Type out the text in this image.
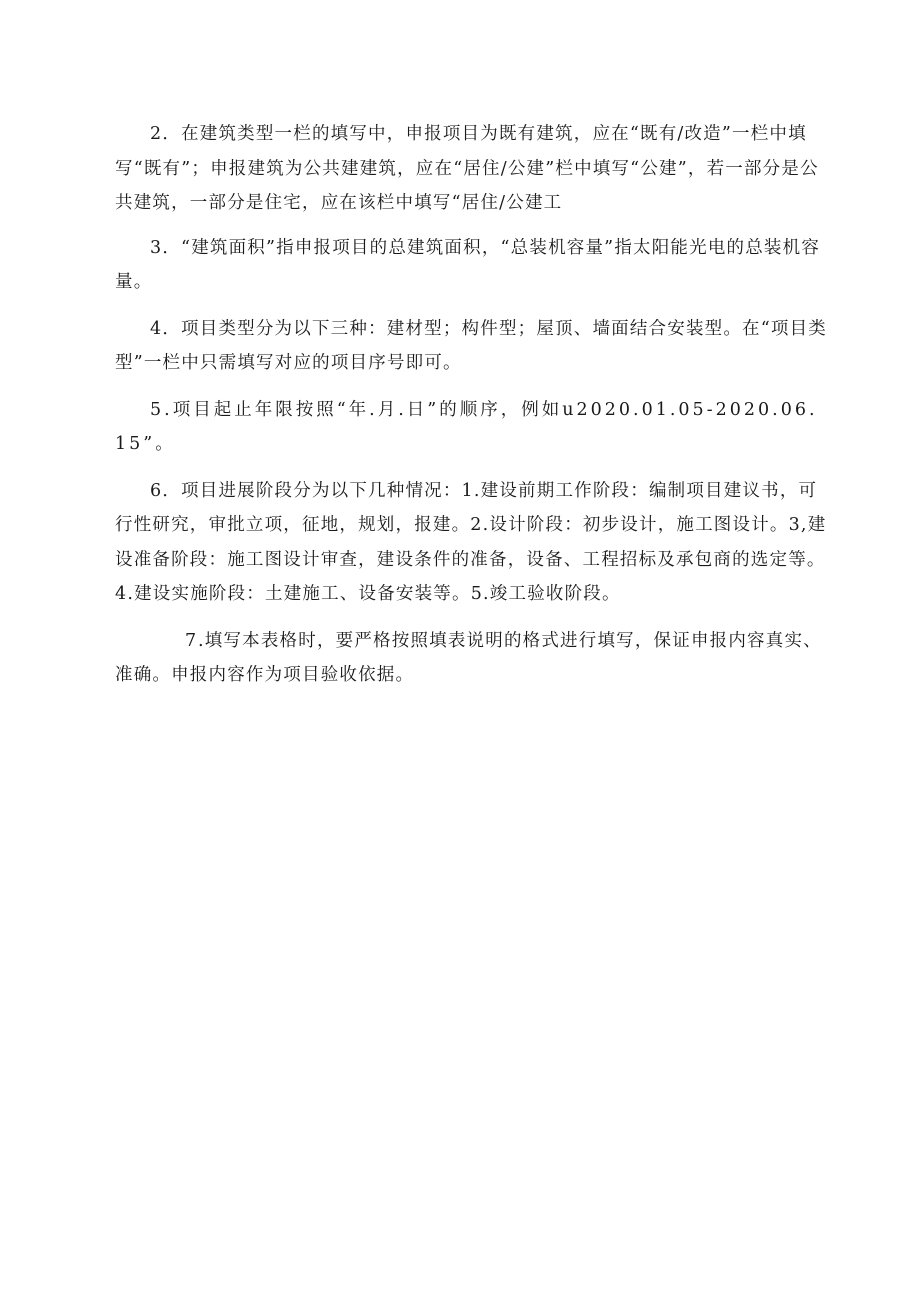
2．在建筑类型一栏的填写中，申报项目为既有建筑，应在“既有/改造”一栏中填写“既有”；申报建筑为公共建建筑，应在“居住/公建”栏中填写“公建”，若一部分是公共建筑，一部分是住宅，应在该栏中填写“居住/公建工

3．“建筑面积”指申报项目的总建筑面积，“总装机容量”指太阳能光电的总装机容量。

4．项目类型分为以下三种：建材型；构件型；屋顶、墙面结合安装型。在“项目类型”一栏中只需填写对应的项目序号即可。

5.项目起止年限按照“年.月.日”的顺序，例如u2020.01.05-2020.06.15”。

6．项目进展阶段分为以下几种情况：1.建设前期工作阶段：编制项目建议书，可行性研究，审批立项，征地，规划，报建。2.设计阶段：初步设计，施工图设计。3,建设准备阶段：施工图设计审查，建设条件的准备，设备、工程招标及承包商的选定等。4.建设实施阶段：土建施工、设备安装等。5.竣工验收阶段。

7.填写本表格时，要严格按照填表说明的格式进行填写，保证申报内容真实、准确。申报内容作为项目验收依据。
